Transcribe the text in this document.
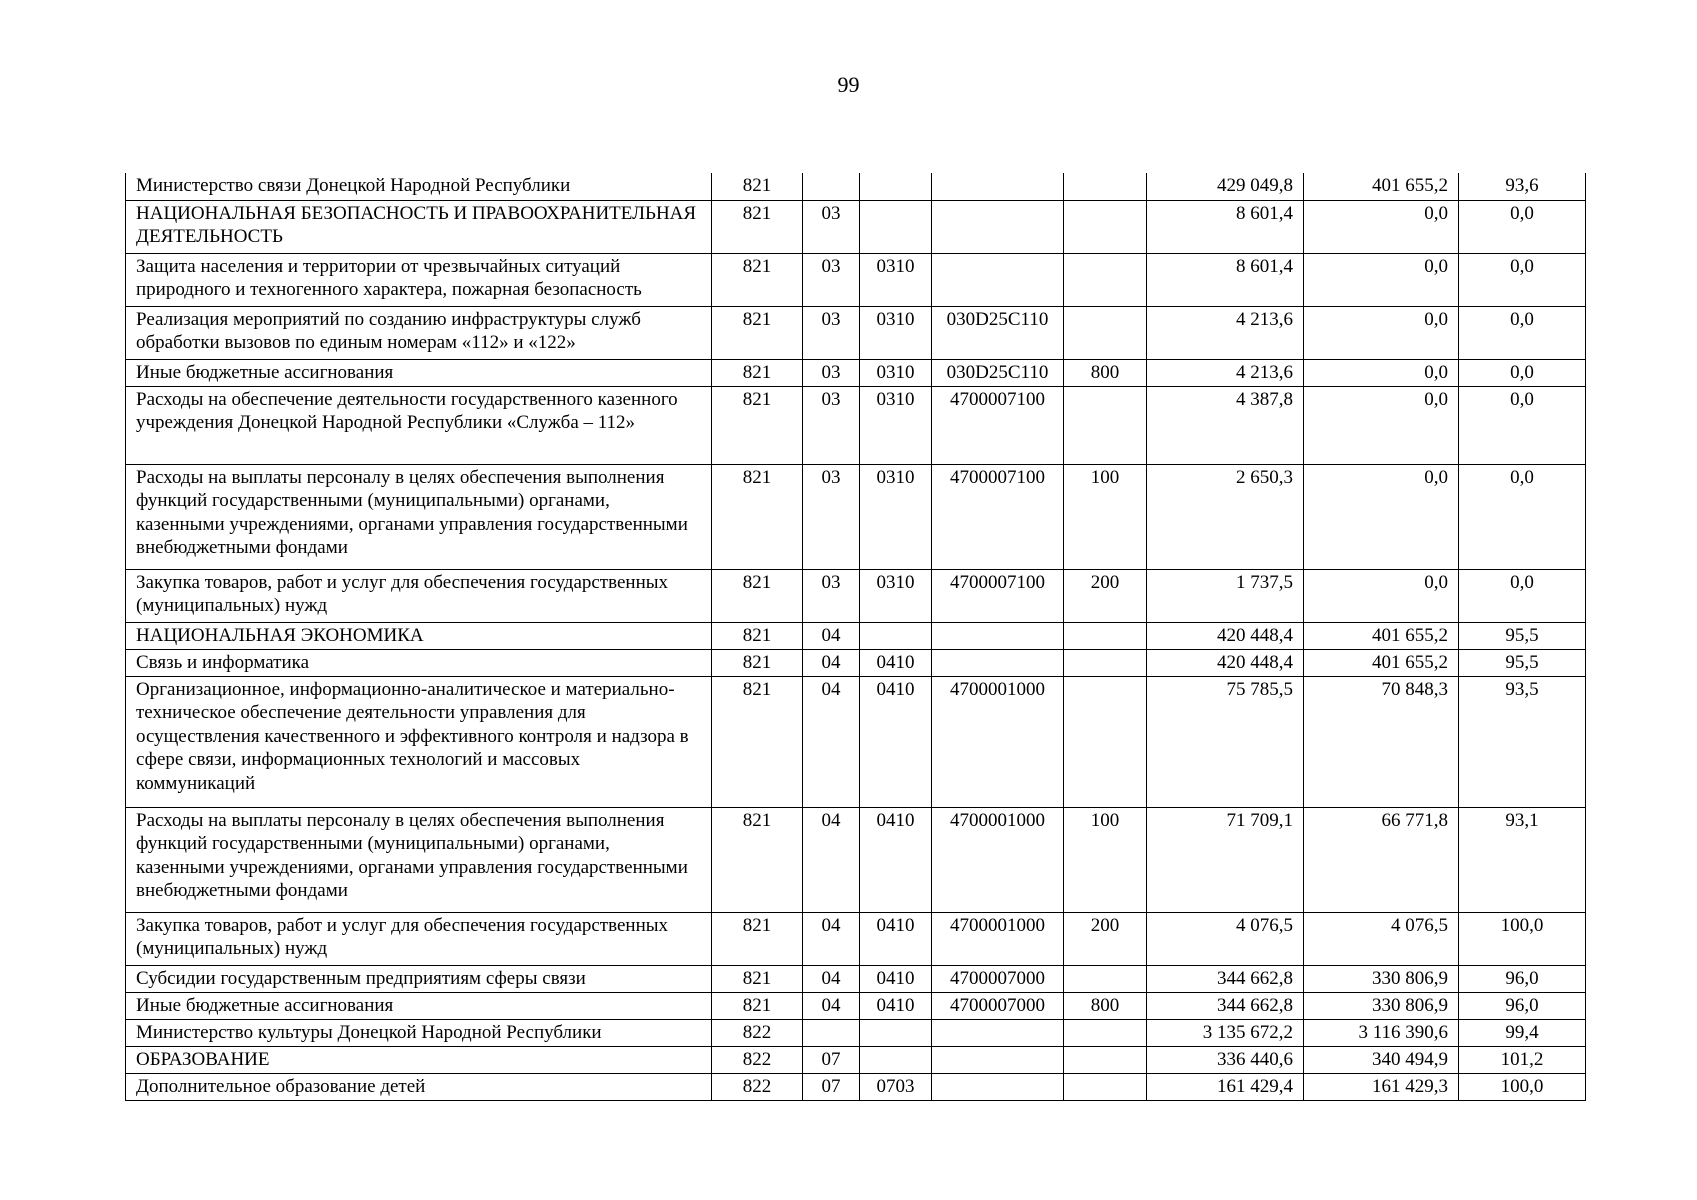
99
Министерство связи Донецкой Народной Республики	821					429 049,8	401 655,2	93,6
НАЦИОНАЛЬНАЯ БЕЗОПАСНОСТЬ И ПРАВООХРАНИТЕЛЬНАЯ ДЕЯТЕЛЬНОСТЬ	821	03				8 601,4	0,0	0,0
Защита населения и территории от чрезвычайных ситуаций природного и техногенного характера, пожарная безопасность	821	03	0310			8 601,4	0,0	0,0
Реализация мероприятий по созданию инфраструктуры служб обработки вызовов по единым номерам «112» и «122»	821	03	0310	030D25C110		4 213,6	0,0	0,0
Иные бюджетные ассигнования	821	03	0310	030D25C110	800	4 213,6	0,0	0,0
Расходы на обеспечение деятельности государственного казенного учреждения Донецкой Народной Республики «Служба – 112»	821	03	0310	4700007100		4 387,8	0,0	0,0
Расходы на выплаты персоналу в целях обеспечения выполнения функций государственными (муниципальными) органами, казенными учреждениями, органами управления государственными внебюджетными фондами	821	03	0310	4700007100	100	2 650,3	0,0	0,0
Закупка товаров, работ и услуг для обеспечения государственных (муниципальных) нужд	821	03	0310	4700007100	200	1 737,5	0,0	0,0
НАЦИОНАЛЬНАЯ ЭКОНОМИКА	821	04				420 448,4	401 655,2	95,5
Связь и информатика	821	04	0410			420 448,4	401 655,2	95,5
Организационное, информационно-аналитическое и материально-техническое обеспечение деятельности управления для осуществления качественного и эффективного контроля и надзора в сфере связи, информационных технологий и массовых коммуникаций	821	04	0410	4700001000		75 785,5	70 848,3	93,5
Расходы на выплаты персоналу в целях обеспечения выполнения функций государственными (муниципальными) органами, казенными учреждениями, органами управления государственными внебюджетными фондами	821	04	0410	4700001000	100	71 709,1	66 771,8	93,1
Закупка товаров, работ и услуг для обеспечения государственных (муниципальных) нужд	821	04	0410	4700001000	200	4 076,5	4 076,5	100,0
Субсидии государственным предприятиям сферы связи	821	04	0410	4700007000		344 662,8	330 806,9	96,0
Иные бюджетные ассигнования	821	04	0410	4700007000	800	344 662,8	330 806,9	96,0
Министерство культуры Донецкой Народной Республики	822					3 135 672,2	3 116 390,6	99,4
ОБРАЗОВАНИЕ	822	07				336 440,6	340 494,9	101,2
Дополнительное образование детей	822	07	0703			161 429,4	161 429,3	100,0
